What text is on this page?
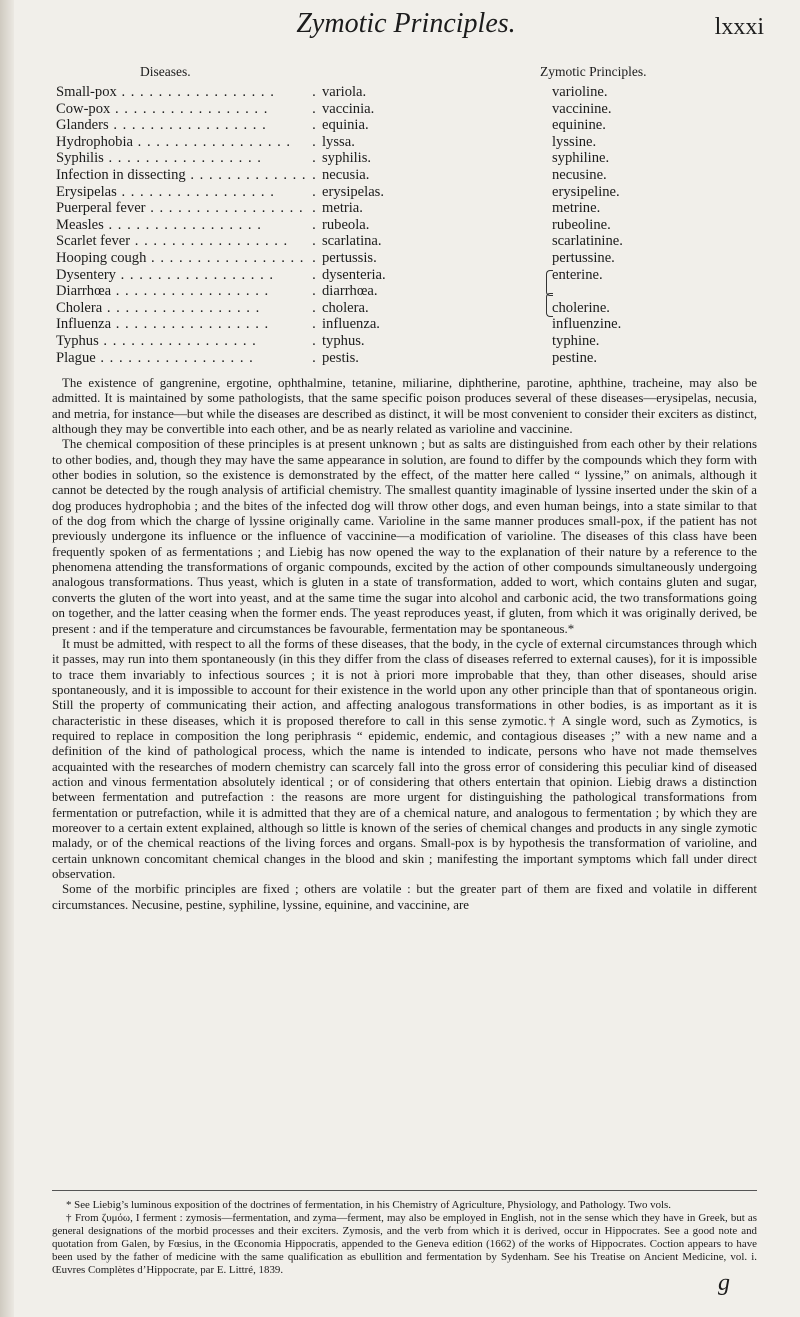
Zymotic Principles.	lxxxi
Diseases.	Zymotic Principles.
Small-pox . . .	. variola.	varioline.
Cow-pox . . .	. vaccinia.	vaccinine.
Glanders . . .	. equinia.	equinine.
Hydrophobia . . .	. lyssa.	lyssine.
Syphilis . . .	. syphilis.	syphiline.
Infection in dissecting . . .	. necusia.	necusine.
Erysipelas . . .	. erysipelas.	erysipeline.
Puerperal fever . . .	. metria.	metrine.
Measles . . .	. rubeola.	rubeoline.
Scarlet fever . . .	. scarlatina.	scarlatinine.
Hooping cough . . .	. pertussis.	pertussine.
Dysentery . . .	. dysenteria.	enterine.
Diarrhœa . . .	. diarrhœa.
Cholera . . .	. cholera.	cholerine.
Influenza . . .	. influenza.	influenzine.
Typhus . . .	. typhus.	typhine.
Plague . . .	. pestis.	pestine.

The existence of gangrenine, ergotine, ophthalmine, tetanine, miliarine, diphtherine, parotine, aphthine, tracheine, may also be admitted. It is maintained by some pathologists, that the same specific poison produces several of these diseases—erysipelas, necusia, and metria, for instance—but while the diseases are described as distinct, it will be most convenient to consider their exciters as distinct, although they may be convertible into each other, and be as nearly related as varioline and vaccinine.

The chemical composition of these principles is at present unknown ; but as salts are distinguished from each other by their relations to other bodies, and, though they may have the same appearance in solution, are found to differ by the compounds which they form with other bodies in solution, so the existence is demonstrated by the effect, of the matter here called “ lyssine,” on animals, although it cannot be detected by the rough analysis of artificial chemistry. The smallest quantity imaginable of lyssine inserted under the skin of a dog produces hydrophobia ; and the bites of the infected dog will throw other dogs, and even human beings, into a state similar to that of the dog from which the charge of lyssine originally came. Varioline in the same manner produces small-pox, if the patient has not previously undergone its influence or the influence of vaccinine—a modification of varioline. The diseases of this class have been frequently spoken of as fermentations ; and Liebig has now opened the way to the explanation of their nature by a reference to the phenomena attending the transformations of organic compounds, excited by the action of other compounds simultaneously undergoing analogous transformations. Thus yeast, which is gluten in a state of transformation, added to wort, which contains gluten and sugar, converts the gluten of the wort into yeast, and at the same time the sugar into alcohol and carbonic acid, the two transformations going on together, and the latter ceasing when the former ends. The yeast reproduces yeast, if gluten, from which it was originally derived, be present : and if the temperature and circumstances be favourable, fermentation may be spontaneous.*

It must be admitted, with respect to all the forms of these diseases, that the body, in the cycle of external circumstances through which it passes, may run into them spontaneously (in this they differ from the class of diseases referred to external causes), for it is impossible to trace them invariably to infectious sources ; it is not à priori more improbable that they, than other diseases, should arise spontaneously, and it is impossible to account for their existence in the world upon any other principle than that of spontaneous origin. Still the property of communicating their action, and affecting analogous transformations in other bodies, is as important as it is characteristic in these diseases, which it is proposed therefore to call in this sense zymotic.† A single word, such as Zymotics, is required to replace in composition the long periphrasis “ epidemic, endemic, and contagious diseases ;” with a new name and a definition of the kind of pathological process, which the name is intended to indicate, persons who have not made themselves acquainted with the researches of modern chemistry can scarcely fall into the gross error of considering this peculiar kind of diseased action and vinous fermentation absolutely identical ; or of considering that others entertain that opinion. Liebig draws a distinction between fermentation and putrefaction : the reasons are more urgent for distinguishing the pathological transformations from fermentation or putrefaction, while it is admitted that they are of a chemical nature, and analogous to fermentation ; by which they are moreover to a certain extent explained, although so little is known of the series of chemical changes and products in any single zymotic malady, or of the chemical reactions of the living forces and organs. Small-pox is by hypothesis the transformation of varioline, and certain unknown concomitant chemical changes in the blood and skin ; manifesting the important symptoms which fall under direct observation.

Some of the morbific principles are fixed ; others are volatile : but the greater part of them are fixed and volatile in different circumstances. Necusine, pestine, syphiline, lyssine, equinine, and vaccinine, are

* See Liebig’s luminous exposition of the doctrines of fermentation, in his Chemistry of Agriculture, Physiology, and Pathology. Two vols.

† From ζυμόω, I ferment : zymosis—fermentation, and zyma—ferment, may also be employed in English, not in the sense which they have in Greek, but as general designations of the morbid processes and their exciters. Zymosis, and the verb from which it is derived, occur in Hippocrates. See a good note and quotation from Galen, by Fœsius, in the Œconomia Hippocratis, appended to the Geneva edition (1662) of the works of Hippocrates. Coction appears to have been used by the father of medicine with the same qualification as ebullition and fermentation by Sydenham. See his Treatise on Ancient Medicine, vol. i. Œuvres Complètes d’Hippocrate, par E. Littré, 1839.

g
